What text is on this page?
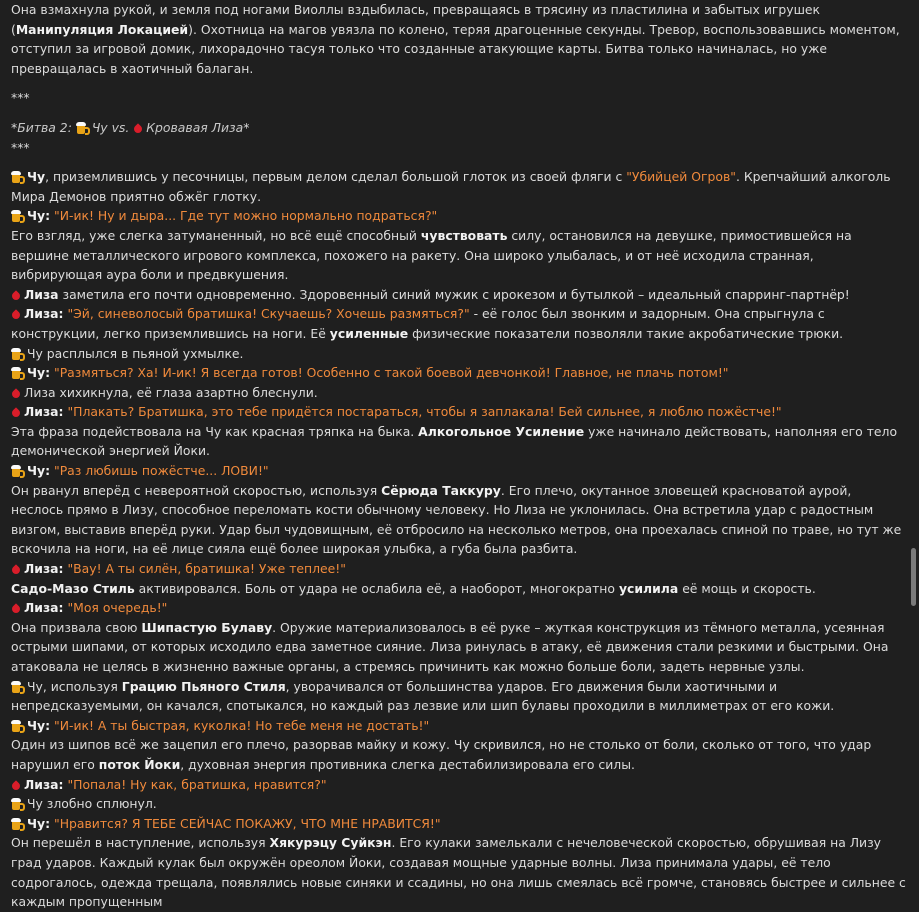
Она взмахнула рукой, и земля под ногами Виоллы вздыбилась, превращаясь в трясину из пластилина и забытых игрушек (Манипуляция Локацией). Охотница на магов увязла по колено, теряя драгоценные секунды. Тревор, воспользовавшись моментом, отступил за игровой домик, лихорадочно тасуя только что созданные атакующие карты. Битва только начиналась, но уже превращалась в хаотичный балаган.

***

*Битва 2:
Чу vs. Кровавая Лиза*

***

Чу, приземлившись у песочницы, первым делом сделал большой глоток из своей фляги с "Убийцей Огров". Крепчайший алкоголь Мира Демонов приятно обжёг глотку.

Чу: "И-ик! Ну и дыра... Где тут можно нормально подраться?"

Его взгляд, уже слегка затуманенный, но всё ещё способный чувствовать силу, остановился на девушке, примостившейся на вершине металлического игрового комплекса, похожего на ракету. Она широко улыбалась, и от неё исходила странная, вибрирующая аура боли и предвкушения.

Лиза заметила его почти одновременно. Здоровенный синий мужик с ирокезом и бутылкой – идеальный спарринг-партнёр!

Лиза: "Эй, синеволосый братишка! Скучаешь? Хочешь размяться?" - её голос был звонким и задорным. Она спрыгнула с конструкции, легко приземлившись на ноги. Её усиленные физические показатели позволяли такие акробатические трюки.

Чу расплылся в пьяной ухмылке.

Чу: "Размяться? Ха! И-ик! Я всегда готов! Особенно с такой боевой девчонкой! Главное, не плачь потом!"

Лиза хихикнула, её глаза азартно блеснули.

Лиза: "Плакать? Братишка, это тебе придётся постараться, чтобы я заплакала! Бей сильнее, я люблю пожёстче!"

Эта фраза подействовала на Чу как красная тряпка на быка. Алкогольное Усиление уже начинало действовать, наполняя его тело демонической энергией Йоки.

Чу: "Раз любишь пожёстче... ЛОВИ!"

Он рванул вперёд с невероятной скоростью, используя Сёрюда Таккуру. Его плечо, окутанное зловещей красноватой аурой, неслось прямо в Лизу, способное переломать кости обычному человеку. Но Лиза не уклонилась. Она встретила удар с радостным визгом, выставив вперёд руки. Удар был чудовищным, её отбросило на несколько метров, она проехалась спиной по траве, но тут же вскочила на ноги, на её лице сияла ещё более широкая улыбка, а губа была разбита.

Лиза: "Вау! А ты силён, братишка! Уже теплее!"

Садо-Мазо Стиль активировался. Боль от удара не ослабила её, а наоборот, многократно усилила её мощь и скорость.

Лиза: "Моя очередь!"

Она призвала свою Шипастую Булаву. Оружие материализовалось в её руке – жуткая конструкция из тёмного металла, усеянная острыми шипами, от которых исходило едва заметное сияние. Лиза ринулась в атаку, её движения стали резкими и быстрыми. Она атаковала не целясь в жизненно важные органы, а стремясь причинить как можно больше боли, задеть нервные узлы.

Чу, используя Грацию Пьяного Стиля, уворачивался от большинства ударов. Его движения были хаотичными и непредсказуемыми, он качался, спотыкался, но каждый раз лезвие или шип булавы проходили в миллиметрах от его кожи.

Чу: "И-ик! А ты быстрая, куколка! Но тебе меня не достать!"

Один из шипов всё же зацепил его плечо, разорвав майку и кожу. Чу скривился, но не столько от боли, сколько от того, что удар нарушил его поток Йоки, духовная энергия противника слегка дестабилизировала его силы.

Лиза: "Попала! Ну как, братишка, нравится?"

Чу злобно сплюнул.

Чу: "Нравится? Я ТЕБЕ СЕЙЧАС ПОКАЖУ, ЧТО МНЕ НРАВИТСЯ!"

Он перешёл в наступление, используя Хякурэцу Суйкэн. Его кулаки замелькали с нечеловеческой скоростью, обрушивая на Лизу град ударов. Каждый кулак был окружён ореолом Йоки, создавая мощные ударные волны. Лиза принимала удары, её тело содрогалось, одежда трещала, появлялись новые синяки и ссадины, но она лишь смеялась всё громче, становясь быстрее и сильнее с каждым пропущенным
